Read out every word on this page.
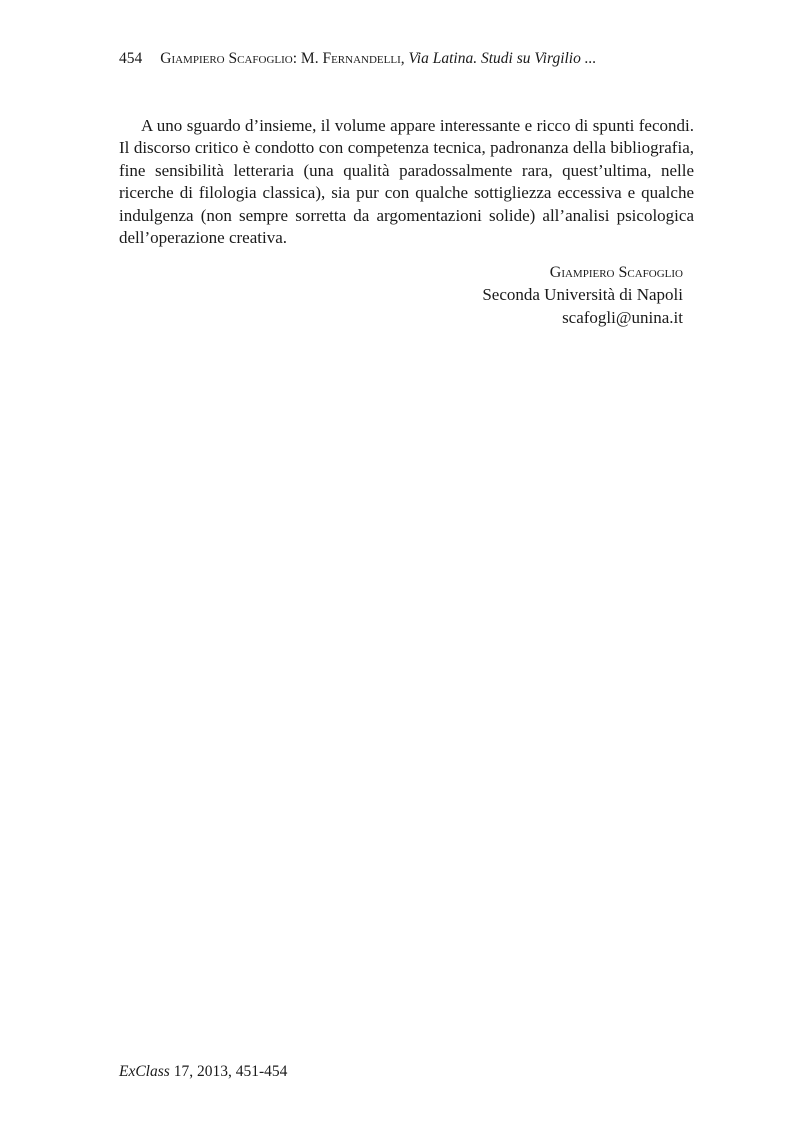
454 Giampiero Scafoglio: M. Fernandelli, Via Latina. Studi su Virgilio ...

A uno sguardo d’insieme, il volume appare interessante e ricco di spunti fecondi. Il discorso critico è condotto con competenza tecnica, padronanza della bibliografia, fine sensibilità letteraria (una qualità paradossalmente rara, quest’ultima, nelle ricerche di filologia classica), sia pur con qualche sottigliezza eccessiva e qualche indulgenza (non sempre sorretta da argomentazioni solide) all’analisi psicologica dell’operazione creativa.

Giampiero Scafoglio
Seconda Università di Napoli
scafogli@unina.it
ExClass 17, 2013, 451-454
